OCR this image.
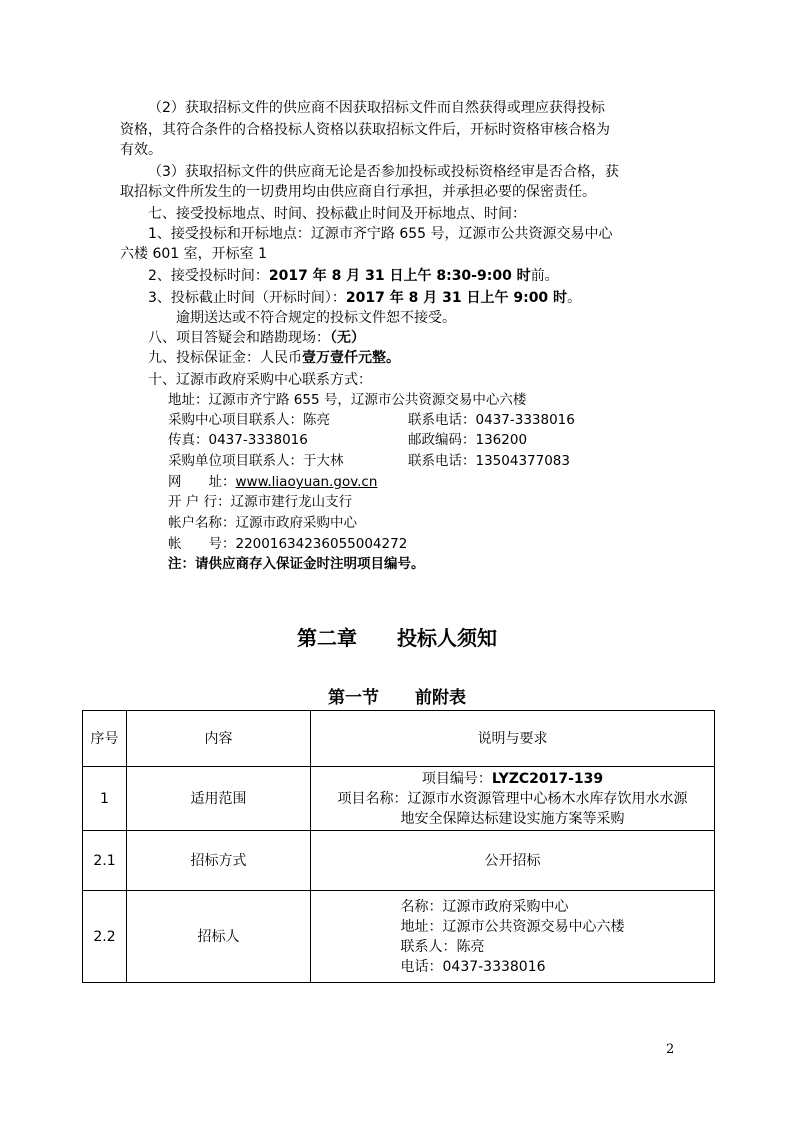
（2）获取招标文件的供应商不因获取招标文件而自然获得或理应获得投标
资格，其符合条件的合格投标人资格以获取招标文件后，开标时资格审核合格为
有效。
（3）获取招标文件的供应商无论是否参加投标或投标资格经审是否合格，获
取招标文件所发生的一切费用均由供应商自行承担，并承担必要的保密责任。
七、接受投标地点、时间、投标截止时间及开标地点、时间：
1、接受投标和开标地点：辽源市齐宁路 655 号，辽源市公共资源交易中心
六楼 601 室，开标室 1
2、接受投标时间：2017 年 8 月 31 日上午 8:30-9:00 时前。
3、投标截止时间（开标时间）：2017 年 8 月 31 日上午 9:00 时。
逾期送达或不符合规定的投标文件恕不接受。
八、项目答疑会和踏勘现场：（无）
九、投标保证金：人民币壹万壹仟元整。
十、辽源市政府采购中心联系方式：
地址：辽源市齐宁路 655 号，辽源市公共资源交易中心六楼
采购中心项目联系人：陈亮	联系电话：0437-3338016
传真：0437-3338016	邮政编码：136200
采购单位项目联系人：于大林	联系电话：13504377083
网　　址：www.liaoyuan.gov.cn
开 户 行：辽源市建行龙山支行
帐户名称：辽源市政府采购中心
帐　　号：22001634236055004272
注：请供应商存入保证金时注明项目编号。
第二章 投标人须知
第一节 前附表
序号	内容	说明与要求
1	适用范围	项目编号：LYZC2017-139
项目名称：辽源市水资源管理中心杨木水库存饮用水水源
地安全保障达标建设实施方案等采购

2.1	招标方式	公开招标
2.2	招标人	名称：辽源市政府采购中心
地址：辽源市公共资源交易中心六楼
联系人：陈亮
电话：0437-3338016
2
